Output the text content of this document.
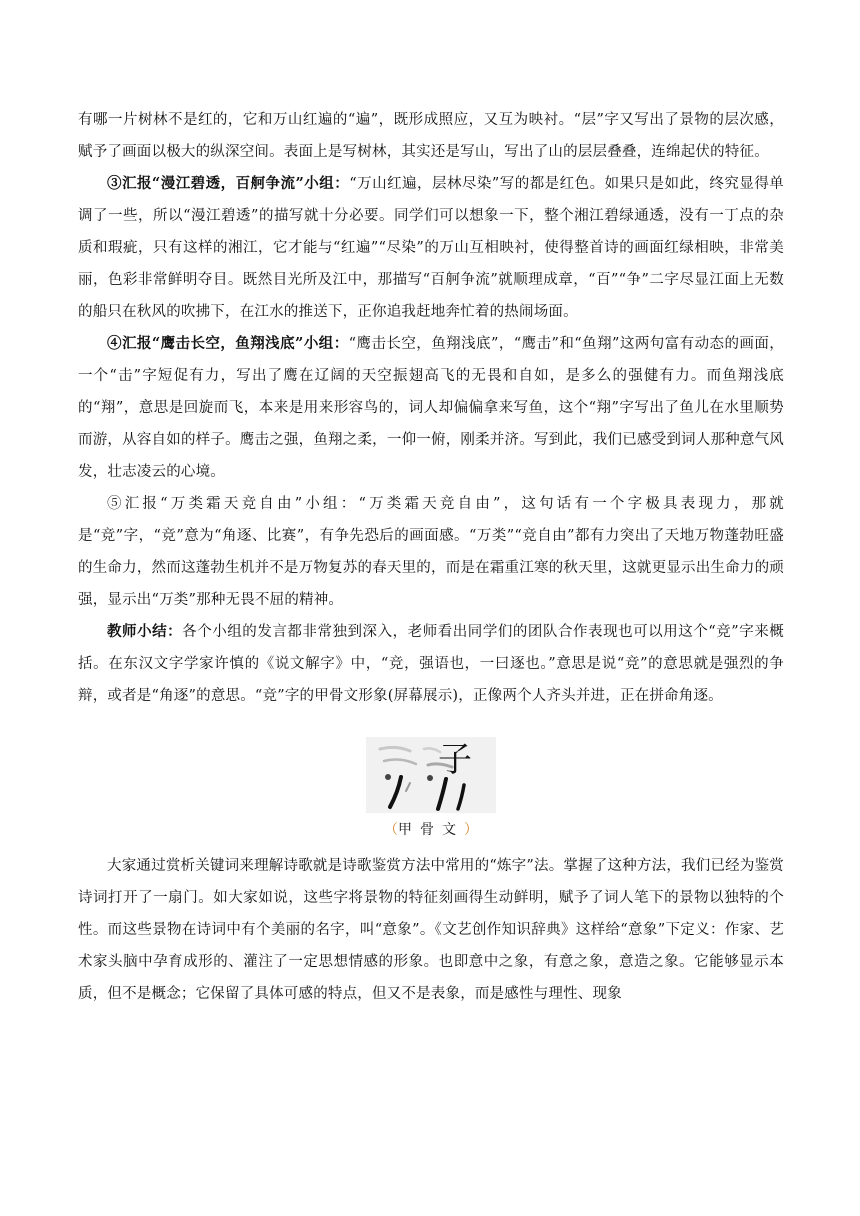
有哪一片树林不是红的，它和万山红遍的“遍”，既形成照应，又互为映衬。“层”字又写出了景物的层次感，赋予了画面以极大的纵深空间。表面上是写树林，其实还是写山，写出了山的层层叠叠，连绵起伏的特征。

③汇报“漫江碧透，百舸争流”小组：“万山红遍，层林尽染”写的都是红色。如果只是如此，终究显得单调了一些，所以“漫江碧透”的描写就十分必要。同学们可以想象一下，整个湘江碧绿通透，没有一丁点的杂质和瑕疵，只有这样的湘江，它才能与“红遍”“尽染”的万山互相映衬，使得整首诗的画面红绿相映，非常美丽，色彩非常鲜明夺目。既然目光所及江中，那描写“百舸争流”就顺理成章，“百”“争”二字尽显江面上无数的船只在秋风的吹拂下，在江水的推送下，正你追我赶地奔忙着的热闹场面。

④汇报“鹰击长空，鱼翔浅底”小组：“鹰击长空，鱼翔浅底”，“鹰击”和“鱼翔”这两句富有动态的画面，一个“击”字短促有力，写出了鹰在辽阔的天空振翅高飞的无畏和自如，是多么的强健有力。而鱼翔浅底的“翔”，意思是回旋而飞，本来是用来形容鸟的，词人却偏偏拿来写鱼，这个“翔”字写出了鱼儿在水里顺势而游，从容自如的样子。鹰击之强，鱼翔之柔，一仰一俯，刚柔并济。写到此，我们已感受到词人那种意气风发，壮志凌云的心境。

⑤汇报“万类霜天竞自由”小组：“万类霜天竞自由”，这句话有一个字极具表现力，那就是“竞”字，“竞”意为“角逐、比赛”，有争先恐后的画面感。“万类”“竞自由”都有力突出了天地万物蓬勃旺盛的生命力，然而这蓬勃生机并不是万物复苏的春天里的，而是在霜重江寒的秋天里，这就更显示出生命力的顽强，显示出“万类”那种无畏不屈的精神。

教师小结：各个小组的发言都非常独到深入，老师看出同学们的团队合作表现也可以用这个“竞”字来概括。在东汉文字学家许慎的《说文解字》中，“竞，强语也，一曰逐也。”意思是说“竞”的意思就是强烈的争辩，或者是“角逐”的意思。“竞”字的甲骨文形象(屏幕展示)，正像两个人齐头并进，正在拼命角逐。

子
（甲骨文）

大家通过赏析关键词来理解诗歌就是诗歌鉴赏方法中常用的“炼字”法。掌握了这种方法，我们已经为鉴赏诗词打开了一扇门。如大家如说，这些字将景物的特征刻画得生动鲜明，赋予了词人笔下的景物以独特的个性。而这些景物在诗词中有个美丽的名字，叫“意象”。《文艺创作知识辞典》这样给“意象”下定义：作家、艺术家头脑中孕育成形的、灌注了一定思想情感的形象。也即意中之象，有意之象，意造之象。它能够显示本质，但不是概念；它保留了具体可感的特点，但又不是表象，而是感性与理性、现象
